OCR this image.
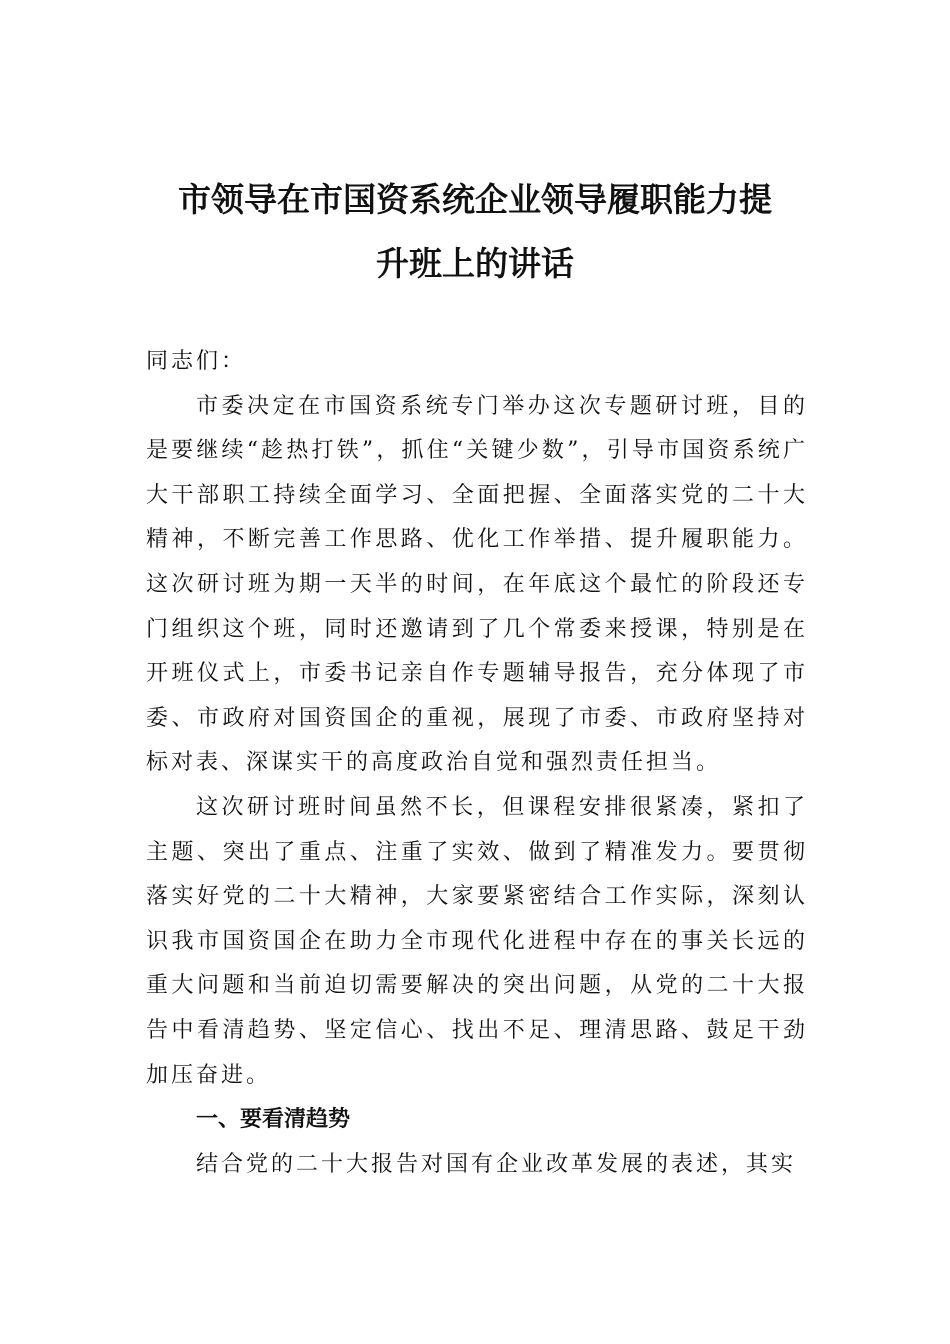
市领导在市国资系统企业领导履职能力提
升班上的讲话

同志们：

市委决定在市国资系统专门举办这次专题研讨班，目的是要继续“趁热打铁”，抓住“关键少数”，引导市国资系统广大干部职工持续全面学习、全面把握、全面落实党的二十大精神，不断完善工作思路、优化工作举措、提升履职能力。这次研讨班为期一天半的时间，在年底这个最忙的阶段还专门组织这个班，同时还邀请到了几个常委来授课，特别是在开班仪式上，市委书记亲自作专题辅导报告，充分体现了市委、市政府对国资国企的重视，展现了市委、市政府坚持对标对表、深谋实干的高度政治自觉和强烈责任担当。

这次研讨班时间虽然不长，但课程安排很紧凑，紧扣了主题、突出了重点、注重了实效、做到了精准发力。要贯彻落实好党的二十大精神，大家要紧密结合工作实际，深刻认识我市国资国企在助力全市现代化进程中存在的事关长远的重大问题和当前迫切需要解决的突出问题，从党的二十大报告中看清趋势、坚定信心、找出不足、理清思路、鼓足干劲加压奋进。

一、要看清趋势

结合党的二十大报告对国有企业改革发展的表述，其实
